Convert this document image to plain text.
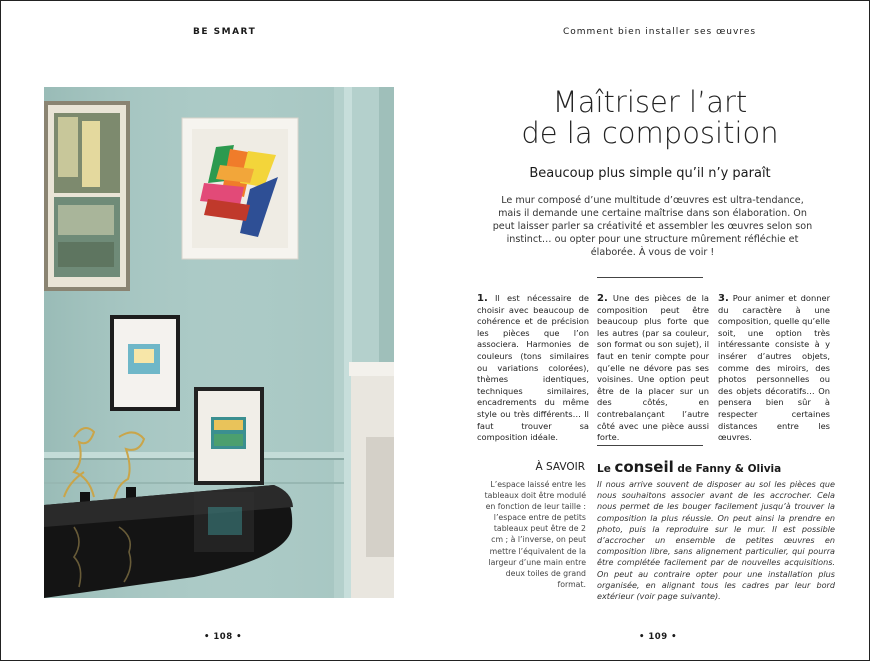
BE SMART
• 108 •
Comment bien installer ses œuvres
Maîtriser l’art
de la composition
Beaucoup plus simple qu’il n’y paraît
Le mur composé d’une multitude d’œuvres est ultra-tendance, mais il demande une certaine maîtrise dans son élaboration. On peut laisser parler sa créativité et assembler les œuvres selon son instinct… ou opter pour une structure mûrement réfléchie et élaborée. À vous de voir !
1. Il est nécessaire de choisir avec beaucoup de cohérence et de précision les pièces que l’on associera. Harmonies de couleurs (tons similaires ou variations colorées), thèmes identiques, techniques similaires, encadrements du même style ou très différents… Il faut trouver sa composition idéale.
2. Une des pièces de la composition peut être beaucoup plus forte que les autres (par sa couleur, son format ou son sujet), il faut en tenir compte pour qu’elle ne dévore pas ses voisines. Une option peut être de la placer sur un des côtés, en contrebalançant l’autre côté avec une pièce aussi forte.
3. Pour animer et donner du caractère à une composition, quelle qu’elle soit, une option très intéressante consiste à y insérer d’autres objets, comme des miroirs, des photos personnelles ou des objets décoratifs… On pensera bien sûr à respecter certaines distances entre les œuvres.
À SAVOIR
L’espace laissé entre les tableaux doit être modulé en fonction de leur taille : l’espace entre de petits tableaux peut être de 2 cm ; à l’inverse, on peut mettre l’équivalent de la largeur d’une main entre deux toiles de grand format.
Le conseil de Fanny & Olivia
Il nous arrive souvent de disposer au sol les pièces que nous souhaitons associer avant de les accrocher. Cela nous permet de les bouger facilement jusqu’à trouver la composition la plus réussie. On peut ainsi la prendre en photo, puis la reproduire sur le mur. Il est possible d’accrocher un ensemble de petites œuvres en composition libre, sans alignement particulier, qui pourra être complétée facilement par de nouvelles acquisitions. On peut au contraire opter pour une installation plus organisée, en alignant tous les cadres par leur bord extérieur (voir page suivante).
• 109 •
